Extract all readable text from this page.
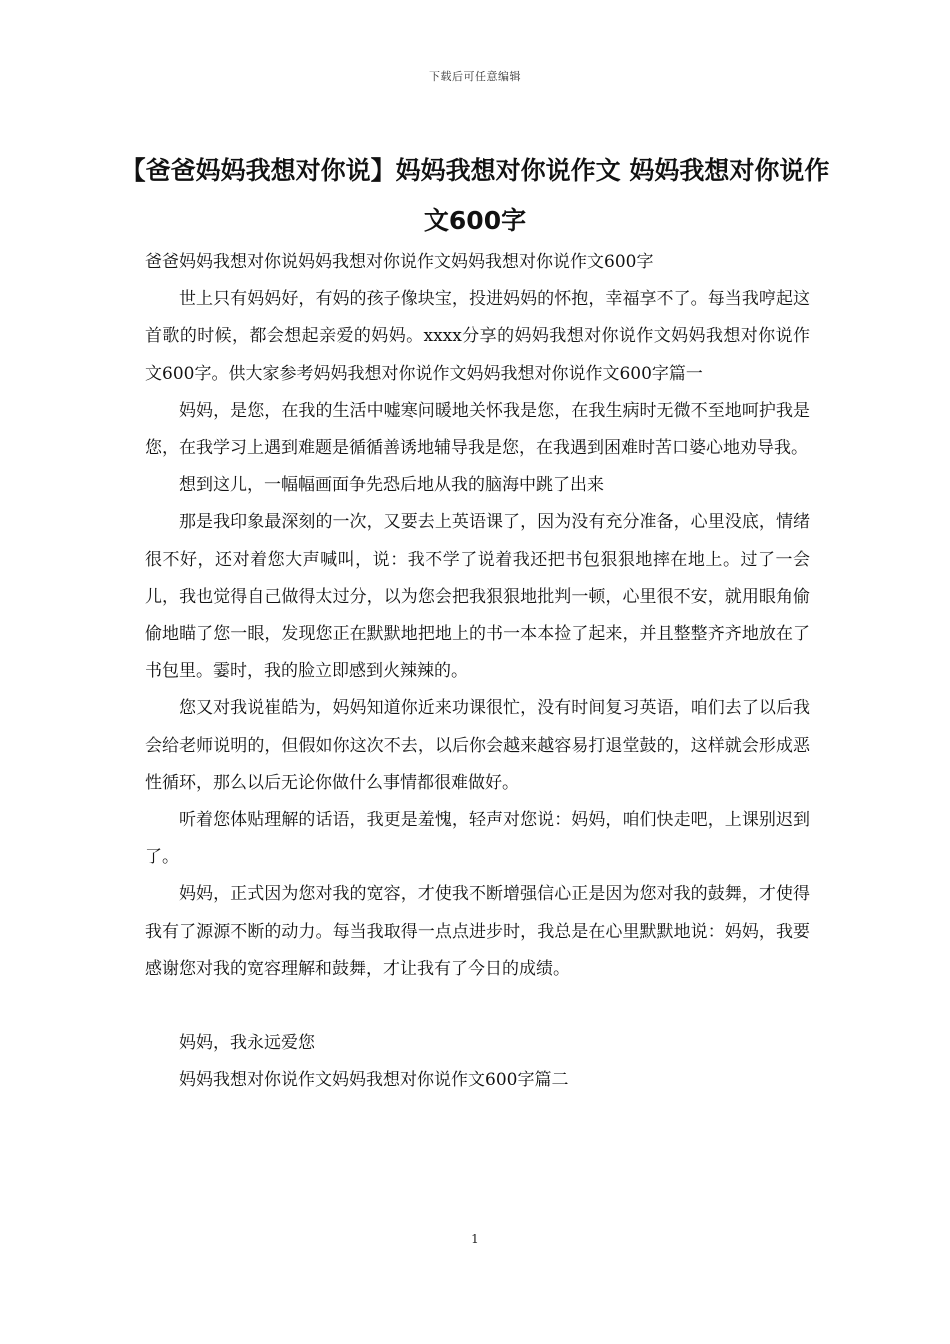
下载后可任意编辑
【爸爸妈妈我想对你说】妈妈我想对你说作文 妈妈我想对你说作文600字

爸爸妈妈我想对你说妈妈我想对你说作文妈妈我想对你说作文600字

世上只有妈妈好，有妈的孩子像块宝，投进妈妈的怀抱，幸福享不了。每当我哼起这首歌的时候，都会想起亲爱的妈妈。xxxx分享的妈妈我想对你说作文妈妈我想对你说作文600字。供大家参考妈妈我想对你说作文妈妈我想对你说作文600字篇一

妈妈，是您，在我的生活中嘘寒问暖地关怀我是您，在我生病时无微不至地呵护我是您，在我学习上遇到难题是循循善诱地辅导我是您，在我遇到困难时苦口婆心地劝导我。

想到这儿，一幅幅画面争先恐后地从我的脑海中跳了出来

那是我印象最深刻的一次，又要去上英语课了，因为没有充分准备，心里没底，情绪很不好，还对着您大声喊叫，说：我不学了说着我还把书包狠狠地摔在地上。过了一会儿，我也觉得自己做得太过分，以为您会把我狠狠地批判一顿，心里很不安，就用眼角偷偷地瞄了您一眼，发现您正在默默地把地上的书一本本捡了起来，并且整整齐齐地放在了书包里。霎时，我的脸立即感到火辣辣的。

您又对我说崔皓为，妈妈知道你近来功课很忙，没有时间复习英语，咱们去了以后我会给老师说明的，但假如你这次不去，以后你会越来越容易打退堂鼓的，这样就会形成恶性循环，那么以后无论你做什么事情都很难做好。

听着您体贴理解的话语，我更是羞愧，轻声对您说：妈妈，咱们快走吧，上课别迟到了。

妈妈，正式因为您对我的宽容，才使我不断增强信心正是因为您对我的鼓舞，才使得我有了源源不断的动力。每当我取得一点点进步时，我总是在心里默默地说：妈妈，我要感谢您对我的宽容理解和鼓舞，才让我有了今日的成绩。

妈妈，我永远爱您

妈妈我想对你说作文妈妈我想对你说作文600字篇二

1
